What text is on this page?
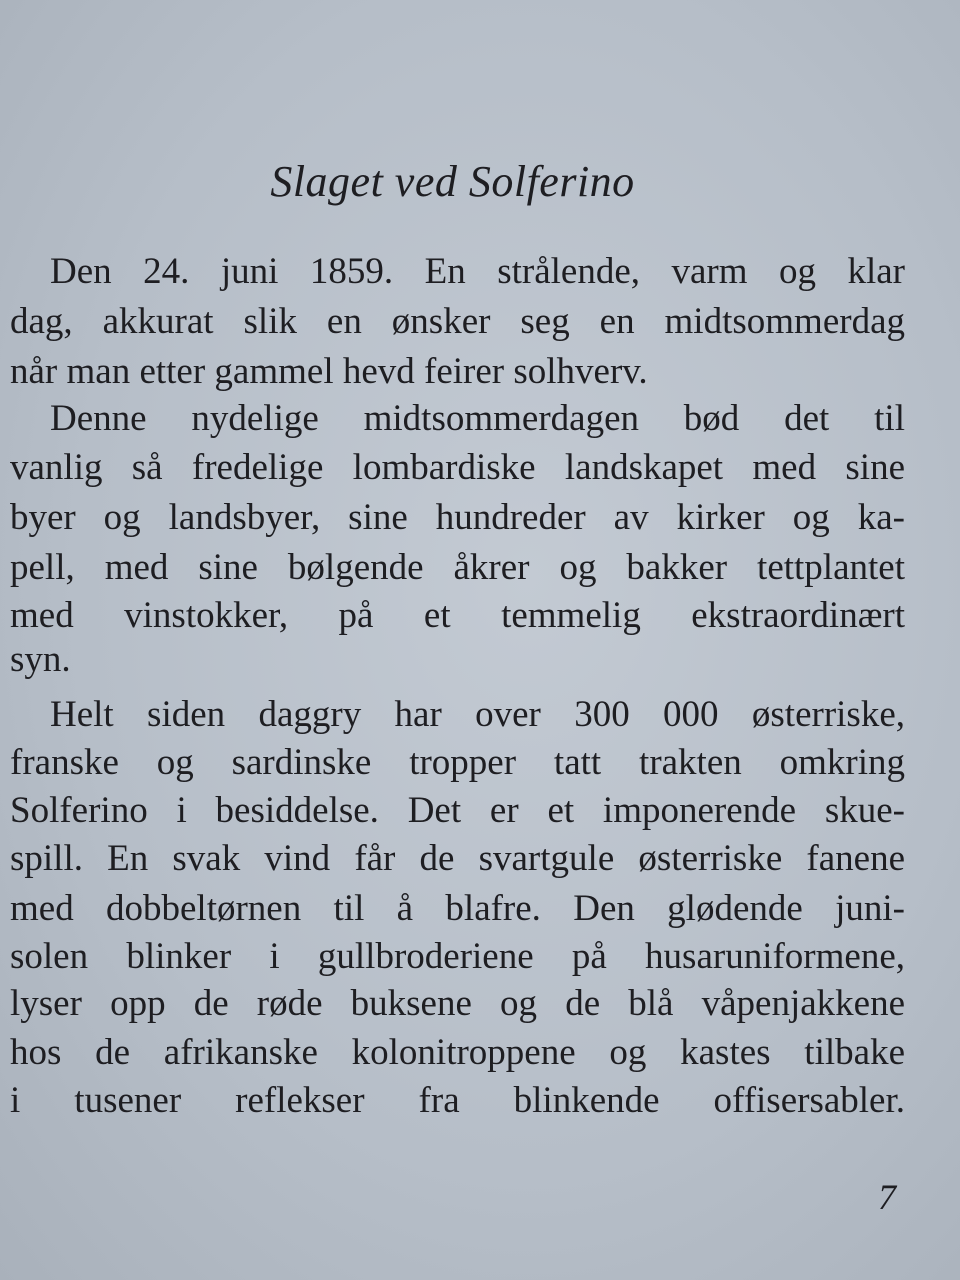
Slaget ved Solferino
Den 24. juni 1859. En strålende, varm og klar
dag, akkurat slik en ønsker seg en midtsommerdag
når man etter gammel hevd feirer solhverv.
Denne nydelige midtsommerdagen bød det til
vanlig så fredelige lombardiske landskapet med sine
byer og landsbyer, sine hundreder av kirker og ka-
pell, med sine bølgende åkrer og bakker tettplantet
med vinstokker, på et temmelig ekstraordinært
syn.
Helt siden daggry har over 300 000 østerriske,
franske og sardinske tropper tatt trakten omkring
Solferino i besiddelse. Det er et imponerende skue-
spill. En svak vind får de svartgule østerriske fanene
med dobbeltørnen til å blafre. Den glødende juni-
solen blinker i gullbroderiene på husaruniformene,
lyser opp de røde buksene og de blå våpenjakkene
hos de afrikanske kolonitroppene og kastes tilbake
i tusener reflekser fra blinkende offisersabler.
7
